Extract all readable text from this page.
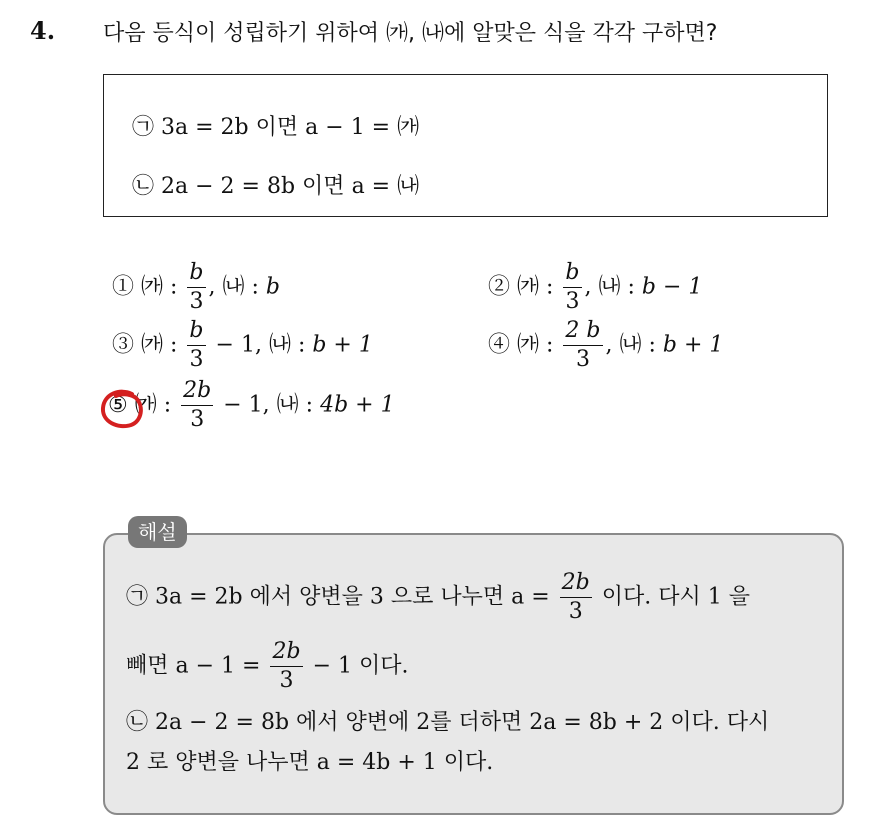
4. 다음 등식이 성립하기 위하여 ㈎, ㈏에 알맞은 식을 각각 구하면?
㉠ 3a = 2b 이면 a − 1 = ㈎
㉡ 2a − 2 = 8b 이면 a = ㈏
① ㈎ : $\frac{b}{3}$ , ㈏ : b	② ㈎ : $\frac{b}{3}$ , ㈏ : b − 1
③ ㈎ : $\frac{b}{3} - 1$, ㈏ : b + 1	④ ㈎ : $\frac{2 b}{3}$ , ㈏ : b + 1
⑤ ㈎ : $\frac{2b}{3} - 1$, ㈏ : 4b + 1
해설
㉠ 3a = 2b 에서 양변을 3 으로 나누면 $a = \frac{2b}{3}$ 이다. 다시 1 을
빼면 $a - 1 = \frac{2b}{3} - 1$ 이다.
㉡ 2a − 2 = 8b 에서 양변에 2를 더하면 2a = 8b + 2 이다. 다시
2 로 양변을 나누면 a = 4b + 1 이다.
